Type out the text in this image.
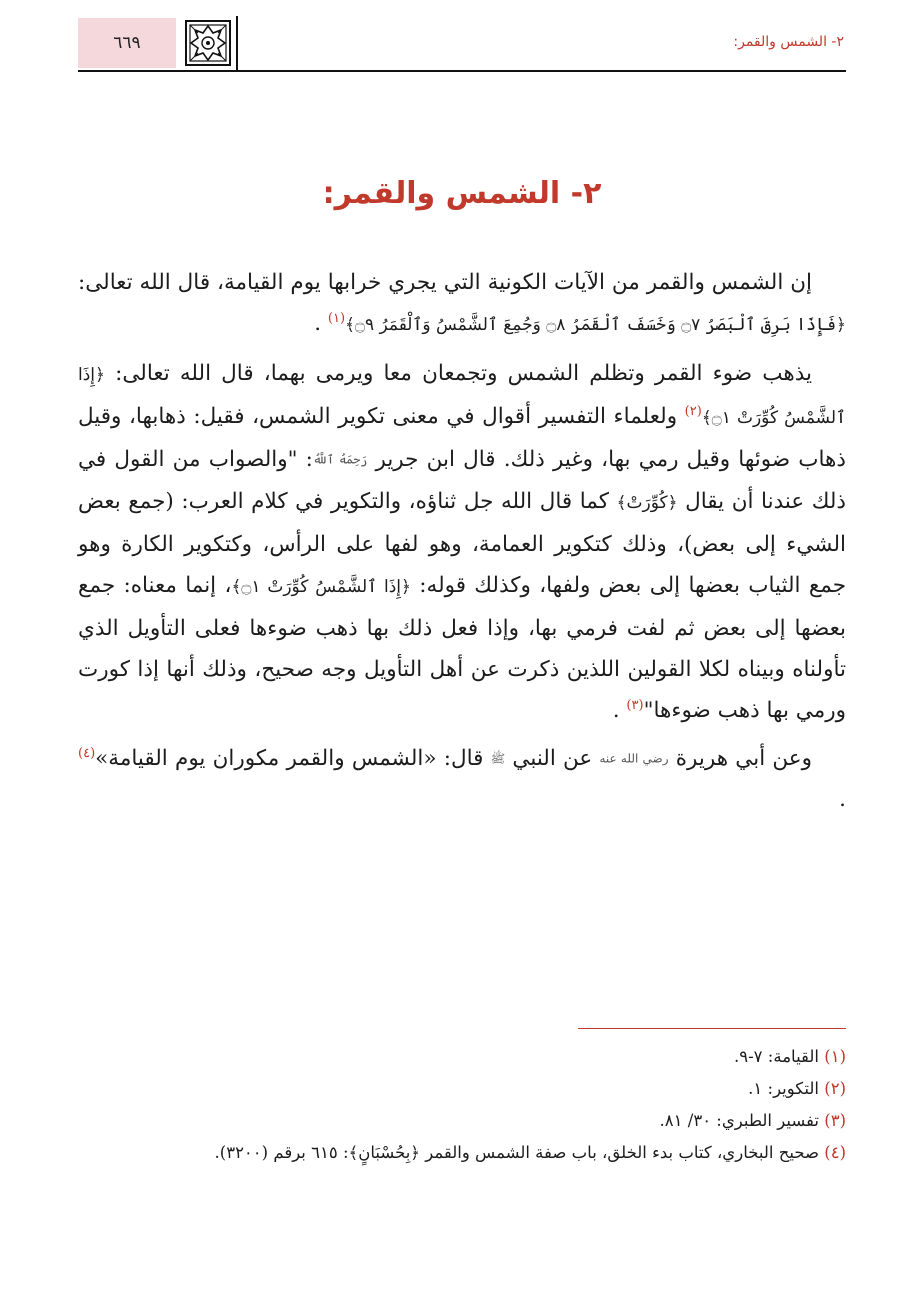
٦٦٩	٢- الشمس والقمر:
٢- الشمس والقمر:

إن الشمس والقمر من الآيات الكونية التي يجري خرابها يوم القيامة، قال الله تعالى: ﴿فَإِذَا بَرِقَ ٱلْبَصَرُ ۝٧ وَخَسَفَ ٱلْقَمَرُ ۝٨ وَجُمِعَ ٱلشَّمْسُ وَٱلْقَمَرُ ۝٩﴾$^{(١)}$ .

يذهب ضوء القمر وتظلم الشمس وتجمعان معا ويرمى بهما، قال الله تعالى: ﴿إِذَا ٱلشَّمْسُ كُوِّرَتْ ۝١﴾$^{(٢)}$ ولعلماء التفسير أقوال في معنى تكوير الشمس، فقيل: ذهابها، وقيل ذهاب ضوئها وقيل رمي بها، وغير ذلك. قال ابن جرير رَحِمَهُ ٱللَّهُ: "والصواب من القول في ذلك عندنا أن يقال ﴿كُوِّرَتْ﴾ كما قال الله جل ثناؤه، والتكوير في كلام العرب: (جمع بعض الشيء إلى بعض)، وذلك كتكوير العمامة، وهو لفها على الرأس، وكتكوير الكارة وهو جمع الثياب بعضها إلى بعض ولفها، وكذلك قوله: ﴿إِذَا ٱلشَّمْسُ كُوِّرَتْ ۝١﴾، إنما معناه: جمع بعضها إلى بعض ثم لفت فرمي بها، وإذا فعل ذلك بها ذهب ضوءها فعلى التأويل الذي تأولناه وبيناه لكلا القولين اللذين ذكرت عن أهل التأويل وجه صحيح، وذلك أنها إذا كورت ورمي بها ذهب ضوءها"$^{(٣)}$ .

وعن أبي هريرة رضي الله عنه عن النبي ﷺ قال: «الشمس والقمر مكوران يوم القيامة»$^{(٤)}$ .

(١) القيامة: ٧-٩.
(٢) التكوير: ١.
(٣) تفسير الطبري: ٣٠/ ٨١.
(٤) صحيح البخاري، كتاب بدء الخلق، باب صفة الشمس والقمر ﴿بِحُسْبَانٍ﴾: ٦١٥ برقم (٣٢٠٠).
